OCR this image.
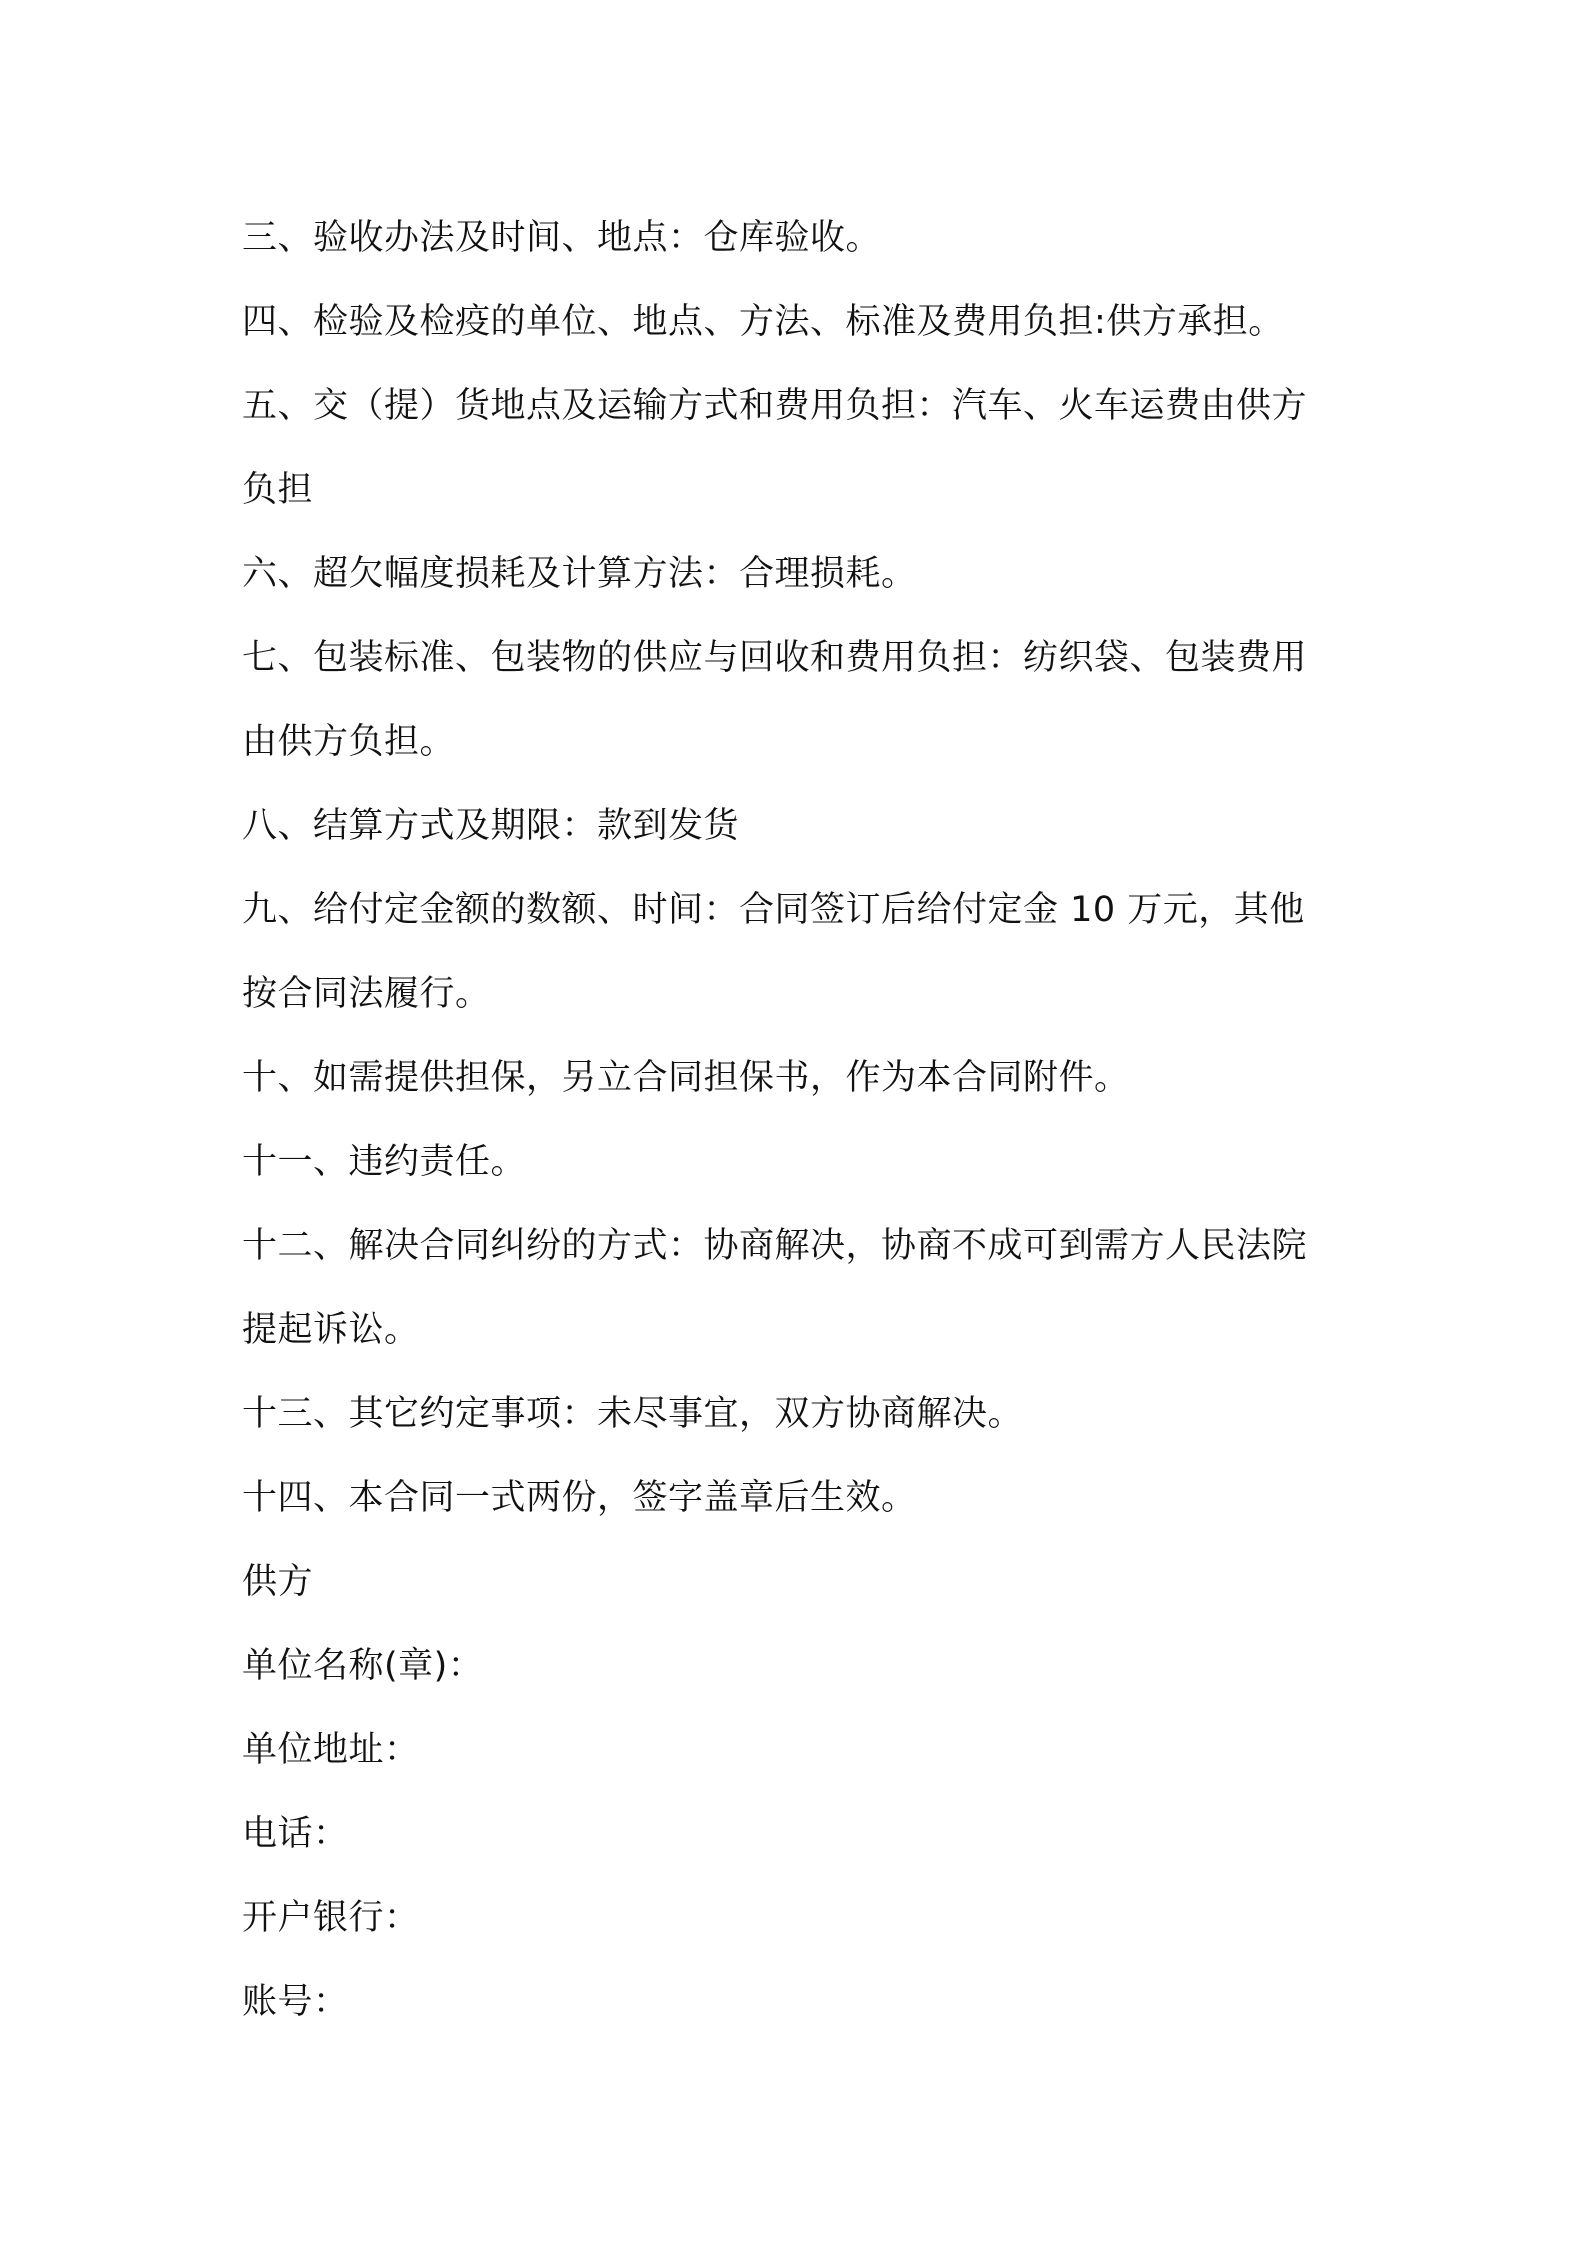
三、验收办法及时间、地点：仓库验收。
四、检验及检疫的单位、地点、方法、标准及费用负担:供方承担。
五、交（提）货地点及运输方式和费用负担：汽车、火车运费由供方
负担
六、超欠幅度损耗及计算方法：合理损耗。
七、包装标准、包装物的供应与回收和费用负担：纺织袋、包装费用
由供方负担。
八、结算方式及期限：款到发货
九、给付定金额的数额、时间：合同签订后给付定金 10 万元，其他
按合同法履行。
十、如需提供担保，另立合同担保书，作为本合同附件。
十一、违约责任。
十二、解决合同纠纷的方式：协商解决，协商不成可到需方人民法院
提起诉讼。
十三、其它约定事项：未尽事宜，双方协商解决。
十四、本合同一式两份，签字盖章后生效。
供方
单位名称(章)：
单位地址：
电话：
开户银行：
账号：
